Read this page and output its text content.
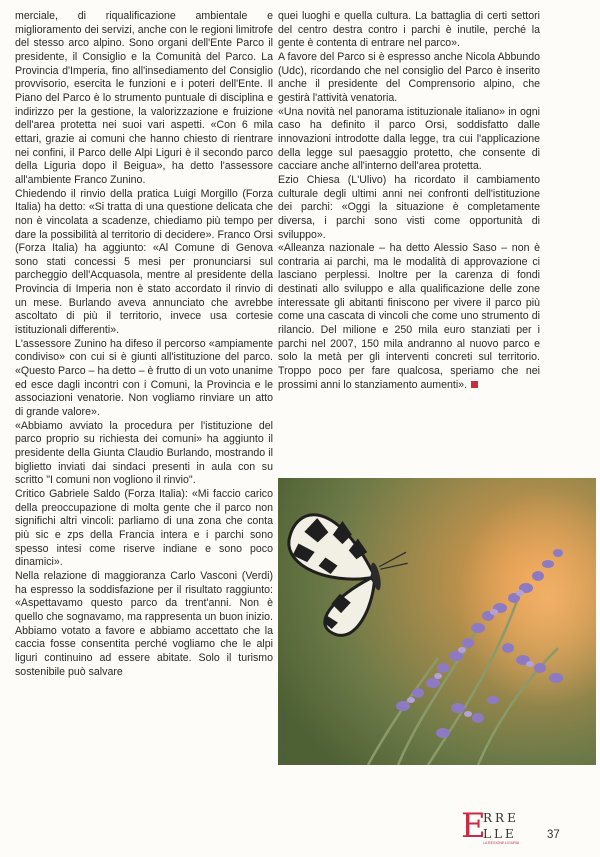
merciale, di riqualificazione ambientale e miglioramento dei servizi, anche con le regioni limitrofe del stesso arco alpino. Sono organi dell'Ente Parco il presidente, il Consiglio e la Comunità del Parco. La Provincia d'Imperia, fino all'insediamento del Consiglio provvisorio, esercita le funzioni e i poteri dell'Ente. Il Piano del Parco è lo strumento puntuale di disciplina e indirizzo per la gestione, la valorizzazione e fruizione dell'area protetta nei suoi vari aspetti. «Con 6 mila ettari, grazie ai comuni che hanno chiesto di rientrare nei confini, il Parco delle Alpi Liguri è il secondo parco della Liguria dopo il Beigua», ha detto l'assessore all'ambiente Franco Zunino.

Chiedendo il rinvio della pratica Luigi Morgillo (Forza Italia) ha detto: «Si tratta di una questione delicata che non è vincolata a scadenze, chiediamo più tempo per dare la possibilità al territorio di decidere». Franco Orsi (Forza Italia) ha aggiunto: «Al Comune di Genova sono stati concessi 5 mesi per pronunciarsi sul parcheggio dell'Acquasola, mentre al presidente della Provincia di Imperia non è stato accordato il rinvio di un mese. Burlando aveva annunciato che avrebbe ascoltato di più il territorio, invece usa cortesie istituzionali differenti».

L'assessore Zunino ha difeso il percorso «ampiamente condiviso» con cui si è giunti all'istituzione del parco. «Questo Parco – ha detto – è frutto di un voto unanime ed esce dagli incontri con i Comuni, la Provincia e le associazioni venatorie. Non vogliamo rinviare un atto di grande valore».

«Abbiamo avviato la procedura per l'istituzione del parco proprio su richiesta dei comuni» ha aggiunto il presidente della Giunta Claudio Burlando, mostrando il biglietto inviati dai sindaci presenti in aula con su scritto "I comuni non vogliono il rinvio".

Critico Gabriele Saldo (Forza Italia): «Mi faccio carico della preoccupazione di molta gente che il parco non significhi altri vincoli: parliamo di una zona che conta più sic e zps della Francia intera e i parchi sono spesso intesi come riserve indiane e sono poco dinamici».

Nella relazione di maggioranza Carlo Vasconi (Verdi) ha espresso la soddisfazione per il risultato raggiunto: «Aspettavamo questo parco da trent'anni. Non è quello che sognavamo, ma rappresenta un buon inizio. Abbiamo votato a favore e abbiamo accettato che la caccia fosse consentita perché vogliamo che le alpi liguri continuino ad essere abitate. Solo il turismo sostenibile può salvare

quei luoghi e quella cultura. La battaglia di certi settori del centro destra contro i parchi è inutile, perché la gente è contenta di entrare nel parco».

A favore del Parco si è espresso anche Nicola Abbundo (Udc), ricordando che nel consiglio del Parco è inserito anche il presidente del Comprensorio alpino, che gestirà l'attività venatoria.

«Una novità nel panorama istituzionale italiano» in ogni caso ha definito il parco Orsi, soddisfatto dalle innovazioni introdotte dalla legge, tra cui l'applicazione della legge sul paesaggio protetto, che consente di cacciare anche all'interno dell'area protetta.

Ezio Chiesa (L'Ulivo) ha ricordato il cambiamento culturale degli ultimi anni nei confronti dell'istituzione dei parchi: «Oggi la situazione è completamente diversa, i parchi sono visti come opportunità di sviluppo».

«Alleanza nazionale – ha detto Alessio Saso – non è contraria ai parchi, ma le modalità di approvazione ci lasciano perplessi. Inoltre per la carenza di fondi destinati allo sviluppo e alla qualificazione delle zone interessate gli abitanti finiscono per vivere il parco più come una cascata di vincoli che come uno strumento di rilancio. Del milione e 250 mila euro stanziati per i parchi nel 2007, 150 mila andranno al nuovo parco e solo la metà per gli interventi concreti sul territorio. Troppo poco per fare qualcosa, speriamo che nei prossimi anni lo stanziamento aumenti».

foto Giulia Corcoloni
E
RRE
LLE
LA REGIONE LIGURIA
37
